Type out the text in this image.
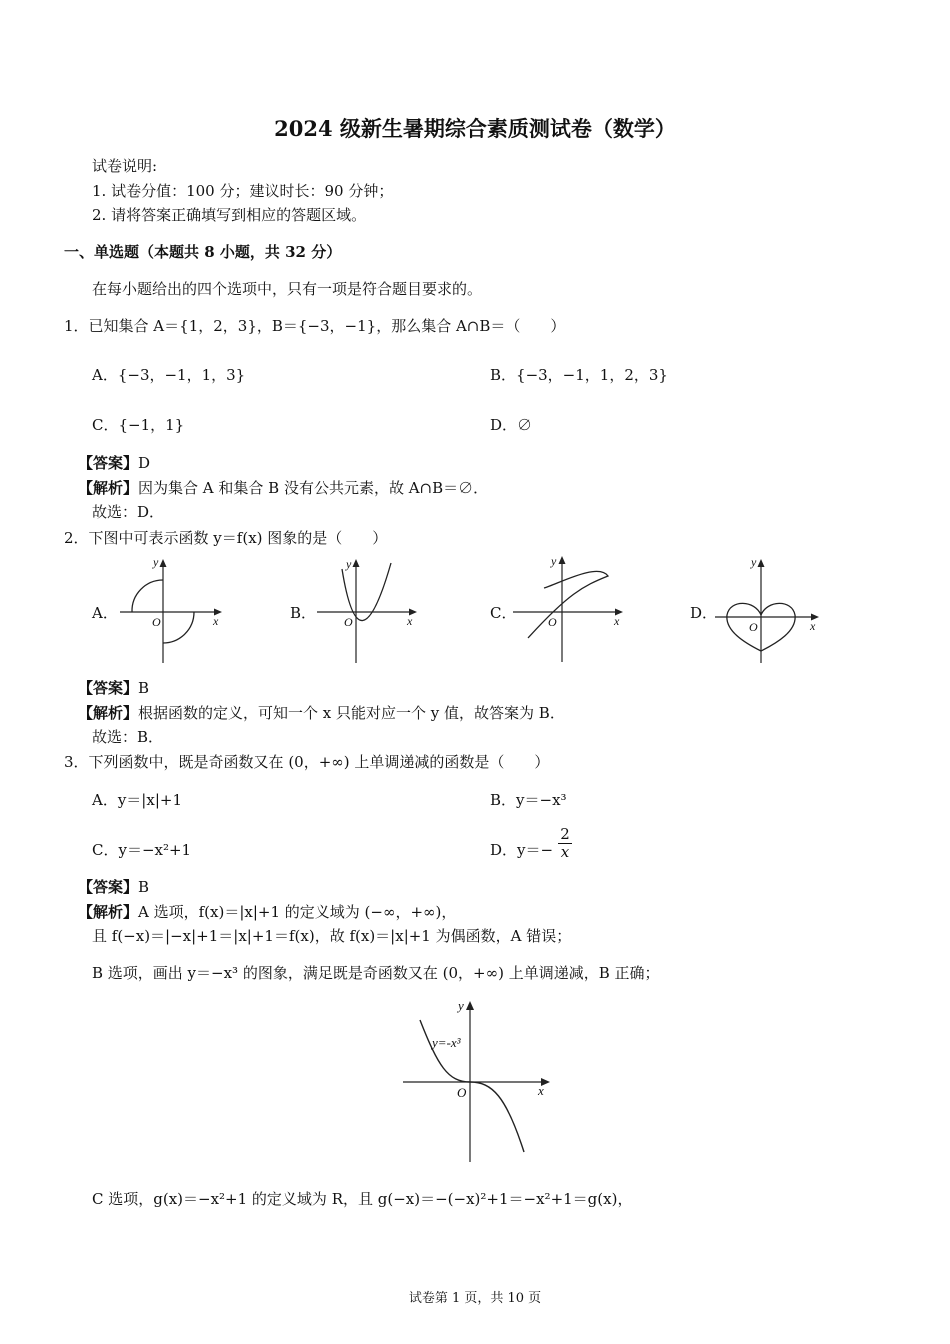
2024 级新生暑期综合素质测试卷（数学）
试卷说明:
1. 试卷分值：100 分；建议时长：90 分钟；
2. 请将答案正确填写到相应的答题区域。
一、单选题（本题共 8 小题，共 32 分）
在每小题给出的四个选项中，只有一项是符合题目要求的。
1．已知集合 A＝{1，2，3}，B＝{−3，−1}，那么集合 A∩B＝（　　）
A．{−3，−1，1，3}	B．{−3，−1，1，2，3}
C．{−1，1}	D．∅
【答案】D
【解析】因为集合 A 和集合 B 没有公共元素，故 A∩B＝∅．
故选：D．
2．下图中可表示函数 y＝f(x) 图象的是（　　）
A．	O	x
y
B． O	x
y
C．	O	x
y
D．
O	x
y
【答案】B
【解析】根据函数的定义，可知一个 x 只能对应一个 y 值，故答案为 B．
故选：B．
3．下列函数中，既是奇函数又在 (0，+∞) 上单调递减的函数是（　　）
A．y＝|x|+1	B．y＝−x³
C．y＝−x²+1	D．$y=- \frac{2}{x}$
【答案】B
【解析】A 选项，f(x)＝|x|+1 的定义域为 (−∞，+∞)，
且 f(−x)＝|−x|+1＝|x|+1＝f(x)，故 f(x)＝|x|+1 为偶函数，A 错误；
B 选项，画出 y＝−x³ 的图象，满足既是奇函数又在 (0，+∞) 上单调递减，B 正确；
O	x
y
y=-x³
C 选项，g(x)＝−x²+1 的定义域为 R，且 g(−x)＝−(−x)²+1＝−x²+1＝g(x)，
试卷第 1 页，共 10 页
